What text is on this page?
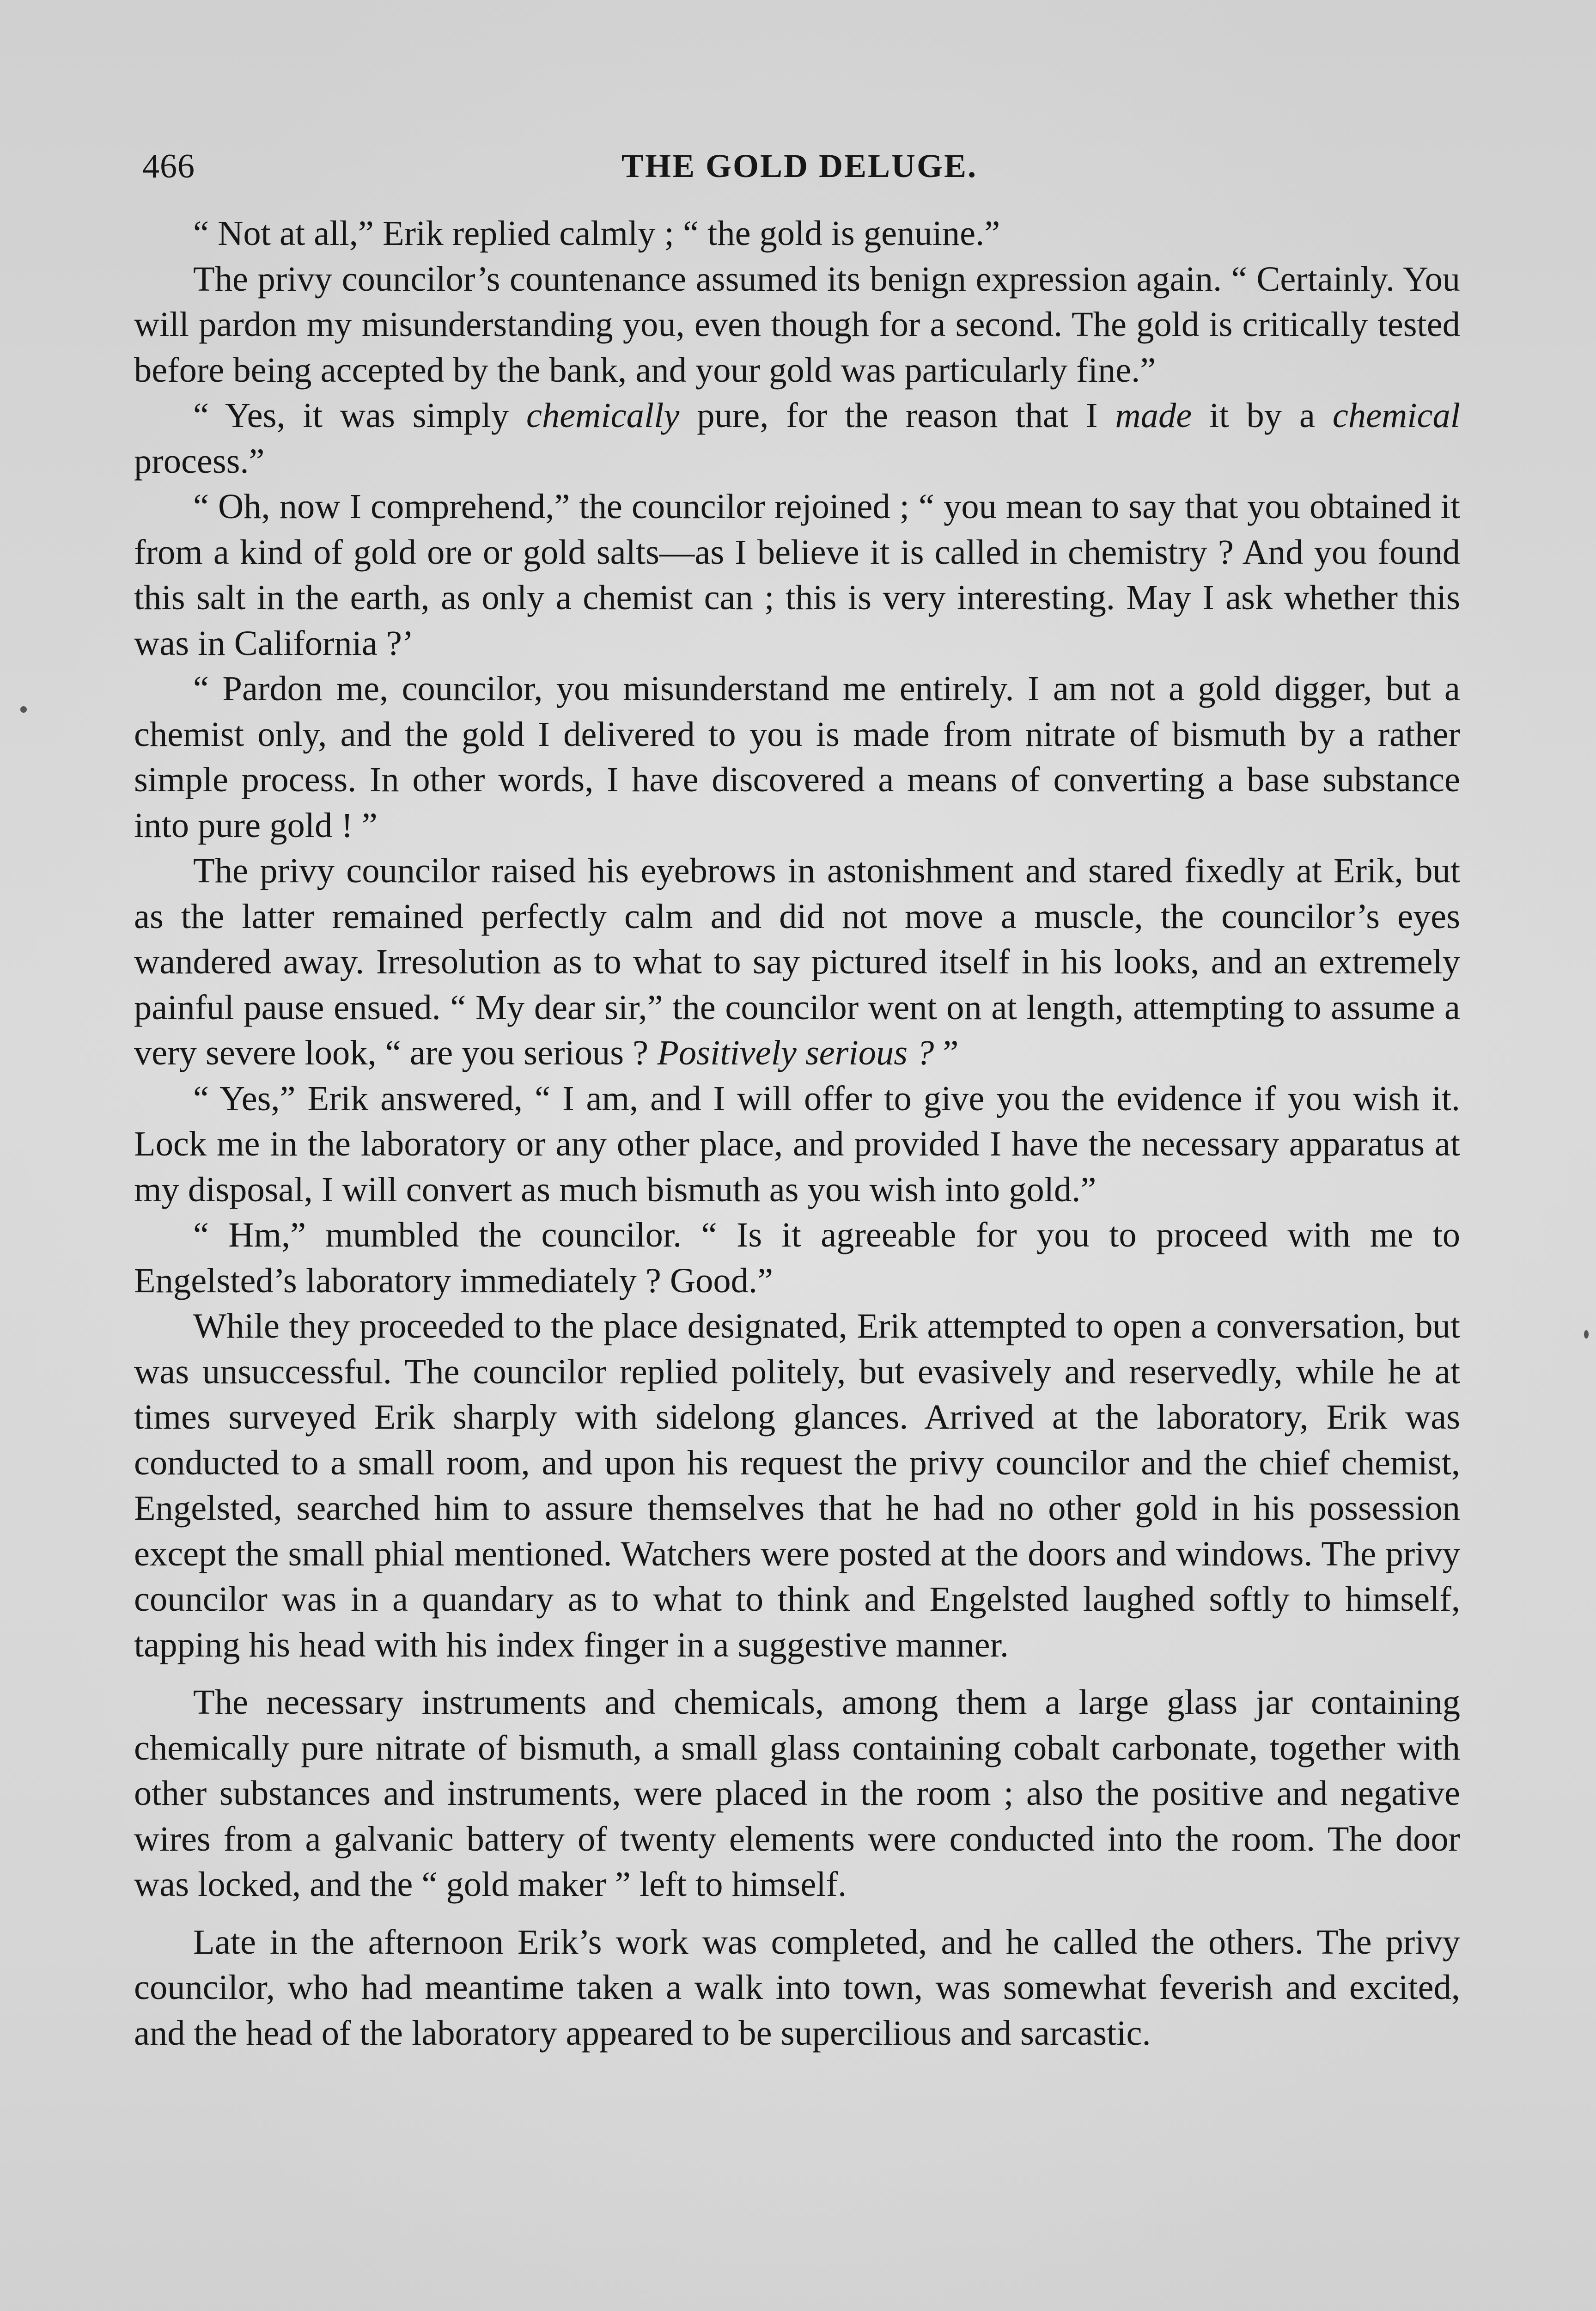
466	THE GOLD DELUGE.

“ Not at all,” Erik replied calmly ; “ the gold is genuine.”

The privy councilor’s countenance assumed its benign expression again. “ Certainly. You will pardon my misunderstanding you, even though for a second. The gold is critically tested before being accepted by the bank, and your gold was particularly fine.”

“ Yes, it was simply chemically pure, for the reason that I made it by a chemical process.”

“ Oh, now I comprehend,” the councilor rejoined ; “ you mean to say that you obtained it from a kind of gold ore or gold salts—as I believe it is called in chemistry ? And you found this salt in the earth, as only a chemist can ; this is very interesting. May I ask whether this was in California ?’

“ Pardon me, councilor, you misunderstand me entirely. I am not a gold digger, but a chemist only, and the gold I delivered to you is made from nitrate of bismuth by a rather simple process. In other words, I have discovered a means of converting a base substance into pure gold ! ”

The privy councilor raised his eyebrows in astonishment and stared fixedly at Erik, but as the latter remained perfectly calm and did not move a muscle, the councilor’s eyes wandered away. Irresolution as to what to say pictured itself in his looks, and an extremely painful pause ensued. “ My dear sir,” the councilor went on at length, attempting to assume a very severe look, “ are you serious ? Positively serious ? ”

“ Yes,” Erik answered, “ I am, and I will offer to give you the evidence if you wish it. Lock me in the laboratory or any other place, and provided I have the necessary apparatus at my disposal, I will convert as much bismuth as you wish into gold.”

“ Hm,” mumbled the councilor. “ Is it agreeable for you to proceed with me to Engelsted’s laboratory immediately ? Good.”

While they proceeded to the place designated, Erik attempted to open a conversation, but was unsuccessful. The councilor replied politely, but evasively and reservedly, while he at times surveyed Erik sharply with sidelong glances. Arrived at the laboratory, Erik was conducted to a small room, and upon his request the privy councilor and the chief chemist, Engelsted, searched him to assure themselves that he had no other gold in his possession except the small phial mentioned. Watchers were posted at the doors and windows. The privy councilor was in a quandary as to what to think and Engelsted laughed softly to himself, tapping his head with his index finger in a suggestive manner.

The necessary instruments and chemicals, among them a large glass jar containing chemically pure nitrate of bismuth, a small glass containing cobalt carbonate, together with other substances and instruments, were placed in the room ; also the positive and negative wires from a galvanic battery of twenty elements were conducted into the room. The door was locked, and the “ gold maker ” left to himself.

Late in the afternoon Erik’s work was completed, and he called the others. The privy councilor, who had meantime taken a walk into town, was somewhat feverish and excited, and the head of the laboratory appeared to be supercilious and sarcastic.
